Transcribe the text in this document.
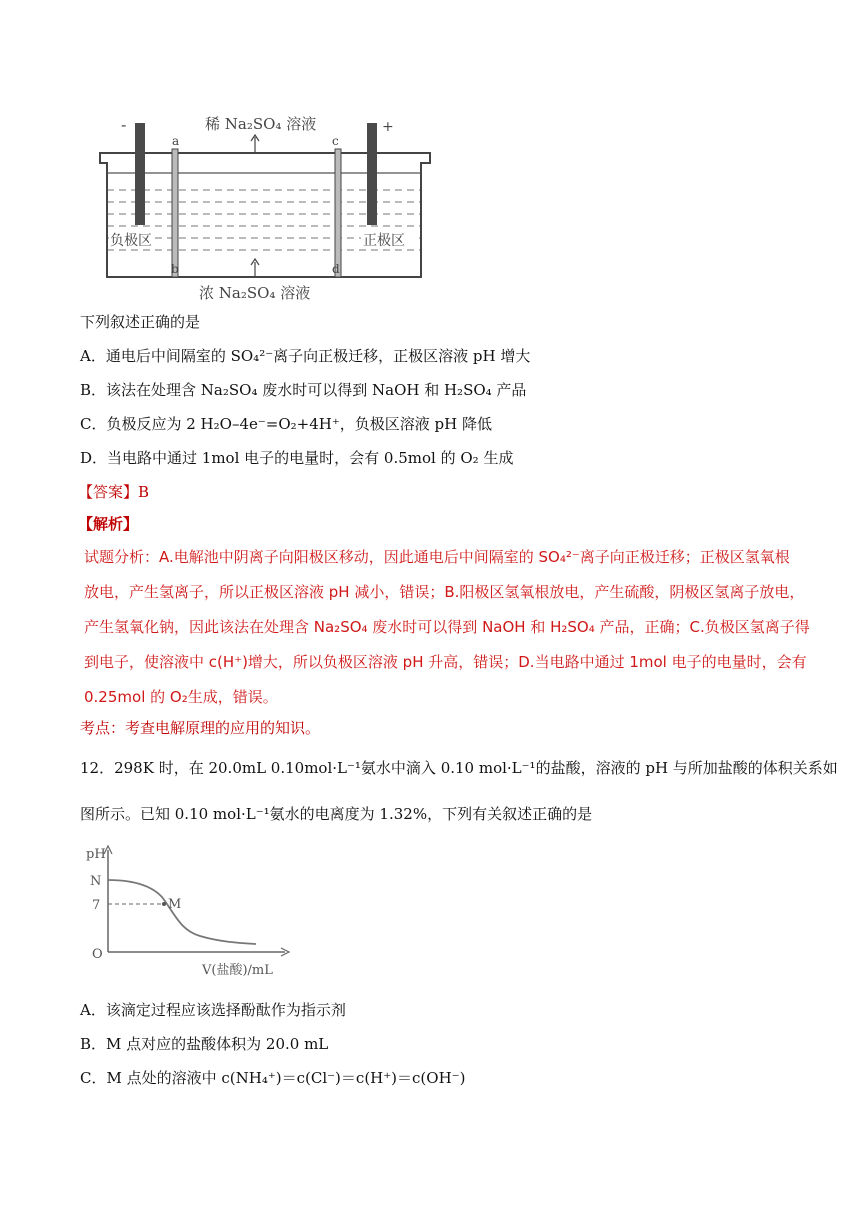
稀 Na₂SO₄ 溶液
浓 Na₂SO₄ 溶液
-	+
a	c
b	d
负极区	正极区
下列叙述正确的是
A．通电后中间隔室的 SO₄²⁻离子向正极迁移，正极区溶液 pH 增大
B．该法在处理含 Na₂SO₄ 废水时可以得到 NaOH 和 H₂SO₄ 产品
C．负极反应为 2 H₂O–4e⁻=O₂+4H⁺，负极区溶液 pH 降低
D．当电路中通过 1mol 电子的电量时，会有 0.5mol 的 O₂ 生成
【答案】B
【解析】

试题分析：A.电解池中阴离子向阳极区移动，因此通电后中间隔室的 SO₄²⁻离子向正极迁移；正极区氢氧根

放电，产生氢离子，所以正极区溶液 pH 减小，错误；B.阳极区氢氧根放电，产生硫酸，阴极区氢离子放电，

产生氢氧化钠，因此该法在处理含 Na₂SO₄ 废水时可以得到 NaOH 和 H₂SO₄ 产品，正确；C.负极区氢离子得

到电子，使溶液中 c(H⁺)增大，所以负极区溶液 pH 升高，错误；D.当电路中通过 1mol 电子的电量时，会有

0.25mol 的 O₂生成，错误。

考点：考查电解原理的应用的知识。
12．298K 时，在 20.0mL 0.10mol·L⁻¹氨水中滴入 0.10 mol·L⁻¹的盐酸，溶液的 pH 与所加盐酸的体积关系如
图所示。已知 0.10 mol·L⁻¹氨水的电离度为 1.32%，下列有关叙述正确的是
pH
N
7
O
M
V(盐酸)/mL
A．该滴定过程应该选择酚酞作为指示剂
B．M 点对应的盐酸体积为 20.0 mL
C．M 点处的溶液中 c(NH₄⁺)＝c(Cl⁻)＝c(H⁺)＝c(OH⁻)
